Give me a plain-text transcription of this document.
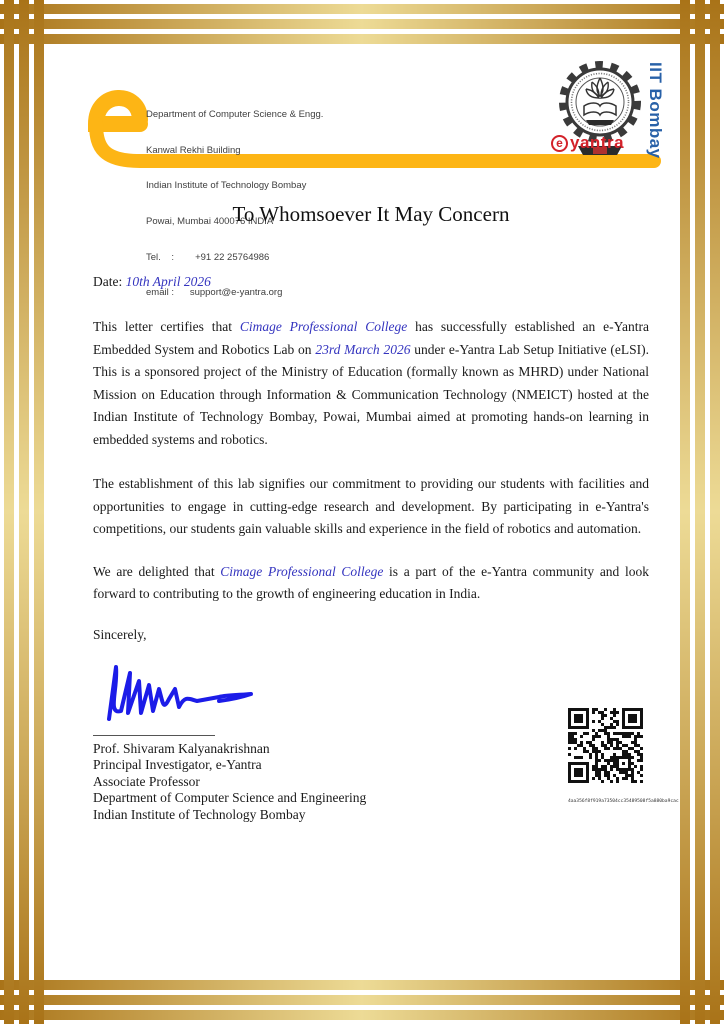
Department of Computer Science & Engg.

Kanwal Rekhi Building

Indian Institute of Technology Bombay

Powai, Mumbai 400076 INDIA

Tel.    :        +91 22 25764986

email :      support@e-yantra.org

e yantra IIT Bombay
To Whomsoever It May Concern
Date: 10th April 2026
This letter certifies that Cimage Professional College has successfully established an e-Yantra Embedded System and Robotics Lab on 23rd March 2026 under e-Yantra Lab Setup Initiative (eLSI). This is a sponsored project of the Ministry of Education (formally known as MHRD) under National Mission on Education through Information & Communication Technology (NMEICT) hosted at the Indian Institute of Technology Bombay, Powai, Mumbai aimed at promoting hands-on learning in embedded systems and robotics.
The establishment of this lab signifies our commitment to providing our students with facilities and opportunities to engage in cutting-edge research and development. By participating in e-Yantra's competitions, our students gain valuable skills and experience in the field of robotics and automation.
We are delighted that Cimage Professional College is a part of the e-Yantra community and look forward to contributing to the growth of engineering education in India.
Sincerely,
Prof. Shivaram Kalyanakrishnan
Principal Investigator, e-Yantra
Associate Professor
Department of Computer Science and Engineering
Indian Institute of Technology Bombay
4aa356f8f919a73504cc35489508f5a880ba9cac
